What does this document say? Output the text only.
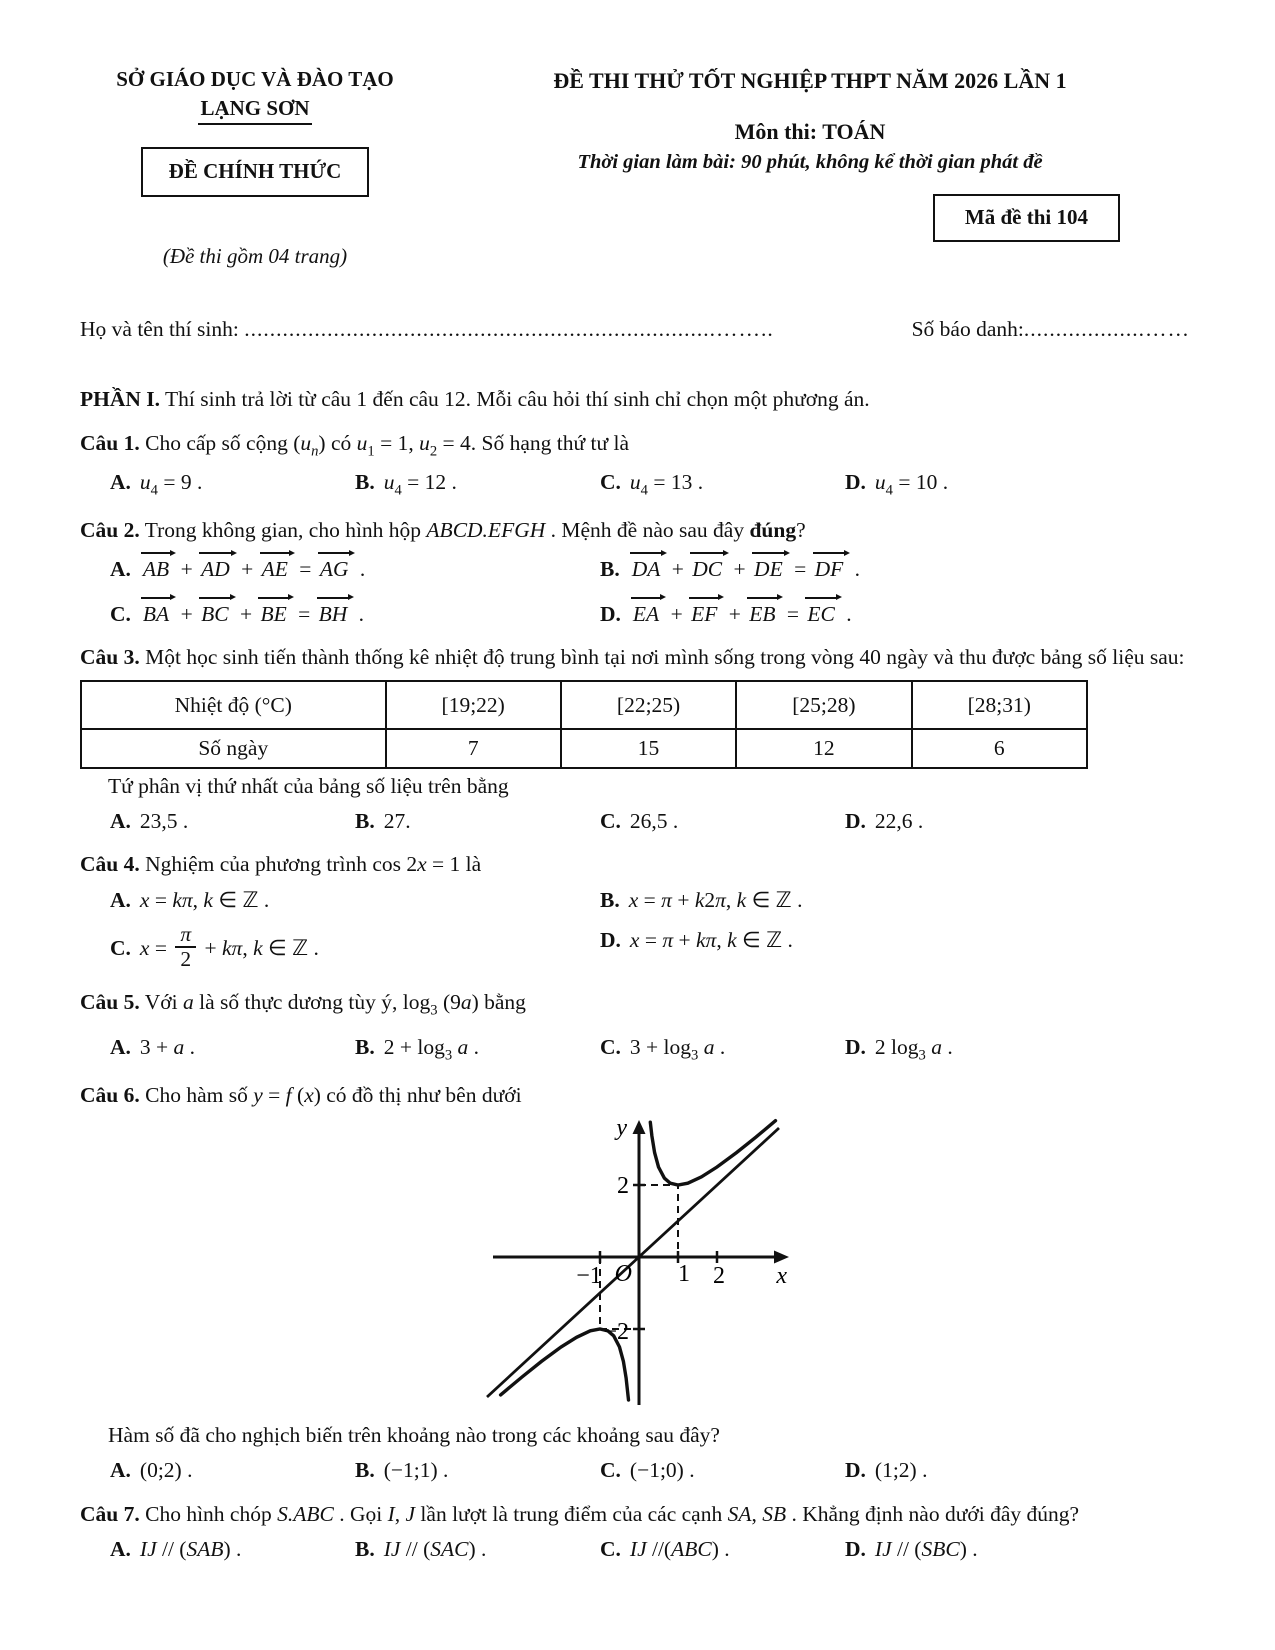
SỞ GIÁO DỤC VÀ ĐÀO TẠO
LẠNG SƠN
ĐỀ CHÍNH THỨC
(Đề thi gồm 04 trang)
ĐỀ THI THỬ TỐT NGHIỆP THPT NĂM 2026 LẦN 1
Môn thi: TOÁN
Thời gian làm bài: 90 phút, không kể thời gian phát đề
Mã đề thi 104
Họ và tên thí sinh: ..........................................................................……..	Số báo danh:...................……
PHẦN I. Thí sinh trả lời từ câu 1 đến câu 12. Mỗi câu hỏi thí sinh chỉ chọn một phương án.
Câu 1. Cho cấp số cộng $(u_n)$ có $u_1 = 1$, $u_2 = 4$. Số hạng thứ tư là
A. $u_4 = 9$ .	B. $u_4 = 12$ .	C. $u_4 = 13$ .	D. $u_4 = 10$ .
Câu 2. Trong không gian, cho hình hộp ABCD.EFGH . Mệnh đề nào sau đây đúng?
A. AB + AD + AE = AG .	B. DA + DC + DE = DF .
C. BA + BC + BE = BH .	D. EA + EF + EB = EC .
Câu 3. Một học sinh tiến thành thống kê nhiệt độ trung bình tại nơi mình sống trong vòng 40 ngày và thu được bảng số liệu sau:
Nhiệt độ (°C)	[19;22)	[22;25)	[25;28)	[28;31)
Số ngày	7	15	12	6
Tứ phân vị thứ nhất của bảng số liệu trên bằng
A. 23,5 .	B. 27.	C. 26,5 .	D. 22,6 .
Câu 4. Nghiệm của phương trình cos 2x = 1 là
A. x = kπ, k ∈ ℤ .	B. x = π + k2π, k ∈ ℤ .
C. $x = \frac{\pi}{2} + k\pi$, k ∈ ℤ .	D. x = π + kπ, k ∈ ℤ .
Câu 5. Với a là số thực dương tùy ý, $\log_3 (9a)$ bằng
A. 3 + a .	B. $2 + \log_3 a$ .	C. $3 + \log_3 a$ .	D. 2 $\log_3 a$ .
Câu 6. Cho hàm số y = f (x) có đồ thị như bên dưới
y
x
O
2
−2
−1	1 2
Hàm số đã cho nghịch biến trên khoảng nào trong các khoảng sau đây?
A. (0;2) .	B. (−1;1) .	C. (−1;0) .	D. (1;2) .
Câu 7. Cho hình chóp S.ABC . Gọi I, J lần lượt là trung điểm của các cạnh SA, SB . Khẳng định nào dưới đây đúng?
A. IJ // (SAB) .	B. IJ // (SAC) .	C. IJ //(ABC) .	D. IJ // (SBC) .
